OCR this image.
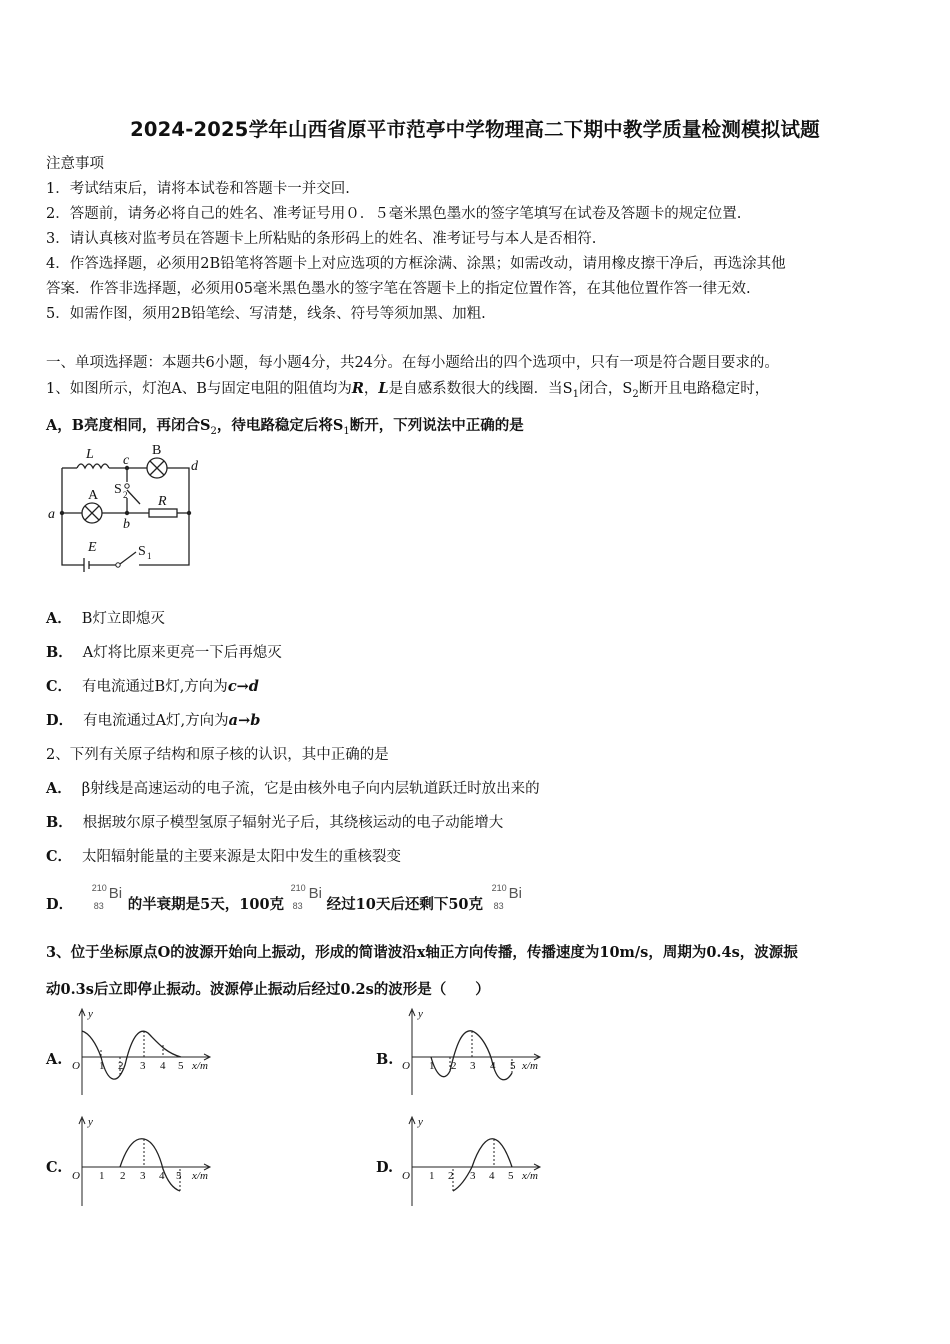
2024-2025学年山西省原平市范亭中学物理高二下期中教学质量检测模拟试题
注意事项
1．考试结束后，请将本试卷和答题卡一并交回.
2．答题前，请务必将自己的姓名、准考证号用０．５毫米黑色墨水的签字笔填写在试卷及答题卡的规定位置.
3．请认真核对监考员在答题卡上所粘贴的条形码上的姓名、准考证号与本人是否相符.
4．作答选择题，必须用2B铅笔将答题卡上对应选项的方框涂满、涂黑；如需改动，请用橡皮擦干净后，再选涂其他
答案．作答非选择题，必须用05毫米黑色墨水的签字笔在答题卡上的指定位置作答，在其他位置作答一律无效.
5．如需作图，须用2B铅笔绘、写清楚，线条、符号等须加黑、加粗.
一、单项选择题：本题共6小题，每小题4分，共24分。在每小题给出的四个选项中，只有一项是符合题目要求的。
1、如图所示，灯泡A、B与固定电阻的阻值均为R，L是自感系数很大的线圈．当$S_1$闭合，$S_2$断开且电路稳定时，
A，B亮度相同，再闭合$S_2$，待电路稳定后将$S_1$断开，下列说法中正确的是
L c
B
d
S 2
A	R
a
b
E	S 1
A． B灯立即熄灭
B． A灯将比原来更亮一下后再熄灭
C． 有电流通过B灯,方向为c→d
D． 有电流通过A灯,方向为a→b
2、下列有关原子结构和原子核的认识，其中正确的是
A． β射线是高速运动的电子流，它是由核外电子向内层轨道跃迁时放出来的
B． 根据玻尔原子模型氢原子辐射光子后，其绕核运动的电子动能增大
C． 太阳辐射能量的主要来源是太阳中发生的重核裂变
D．
210
83
Bi
的半衰期是5天，100克
210
83
Bi
经过10天后还剩下50克
210
83
Bi
3、位于坐标原点O的波源开始向上振动，形成的简谐波沿x轴正方向传播，传播速度为10m/s，周期为0.4s，波源振
动0.3s后立即停止振动。波源停止振动后经过0.2s的波形是（　　）
A.	B.
C.	D.
y
O 1 2 3 4 5 x/m
y
O 1 2 3 4 5 x/m
y
O 1 2 3 4 5 x/m
y
O 1 2 3 4 5 x/m
